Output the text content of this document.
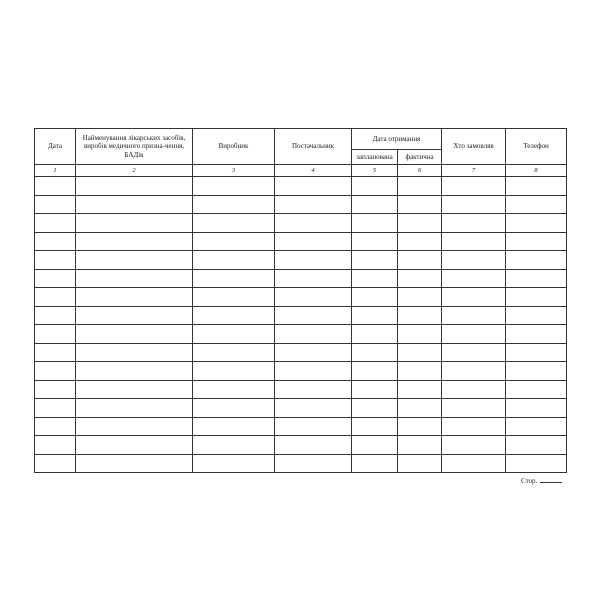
Дата	Найменування лікарських засобів, виробів медичного призна-чення, БАДів	Виробник	Постачальник	Дата отримання		Хто замовляв	Телефон
				запланована	фактична		
1	2	3	4	5	6	7	8

Стор.
